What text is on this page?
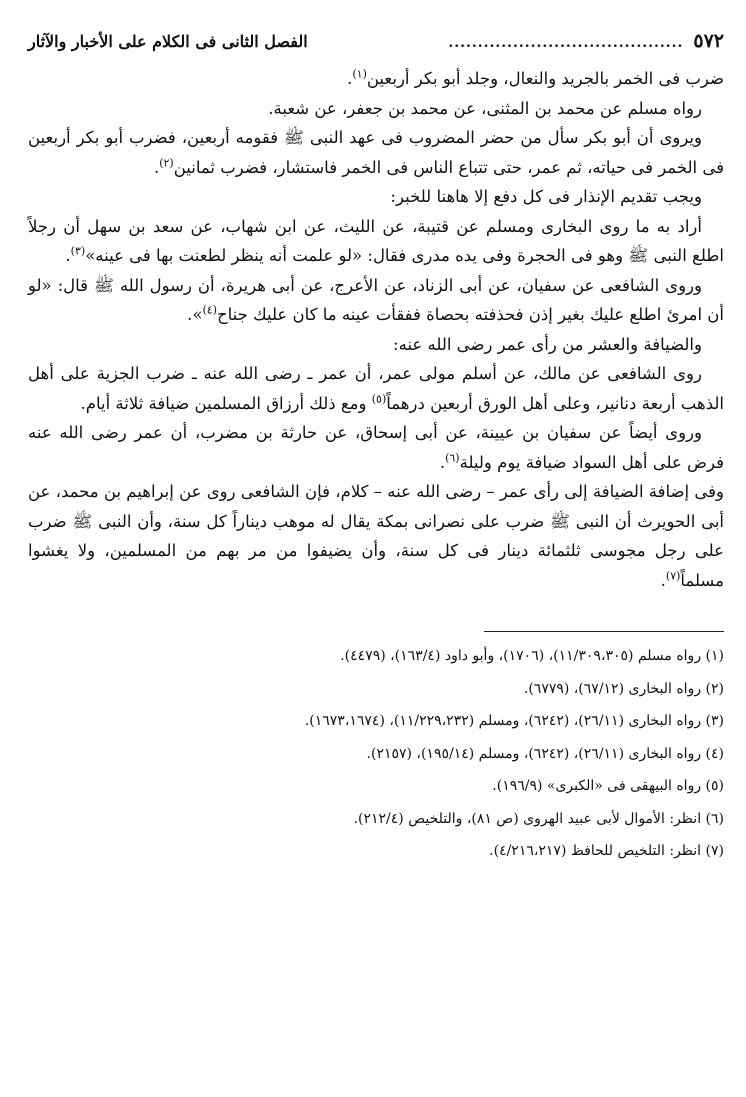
٥٧٢
........................................
الفصل الثانى فى الكلام على الأخبار والآثار

ضرب فى الخمر بالجريد والنعال، وجلد أبو بكر أربعين$^{(١)}$.

رواه مسلم عن محمد بن المثنى، عن محمد بن جعفر، عن شعبة.

ويروى أن أبو بكر سأل من حضر المضروب فى عهد النبى ﷺ فقومه أربعين، فضرب أبو بكر أربعين فى الخمر فى حياته، ثم عمر، حتى تتباع الناس فى الخمر فاستشار، فضرب ثمانين$^{(٢)}$.

ويجب تقديم الإنذار فى كل دفع إلا هاهنا للخبر:

أراد به ما روى البخارى ومسلم عن قتيبة، عن الليث، عن ابن شهاب، عن سعد بن سهل أن رجلاً اطلع النبى ﷺ وهو فى الحجرة وفى يده مدرى فقال: «لو علمت أنه ينظر لطعنت بها فى عينه»$^{(٣)}$.

وروى الشافعى عن سفيان، عن أبى الزناد، عن الأعرج، عن أبى هريرة، أن رسول الله ﷺ قال: «لو أن امرئ اطلع عليك بغير إذن فحذفته بحصاة ففقأت عينه ما كان عليك جناح$^{(٤)}$».

والضيافة والعشر من رأى عمر رضى الله عنه:

روى الشافعى عن مالك، عن أسلم مولى عمر، أن عمر ـ رضى الله عنه ـ ضرب الجزية على أهل الذهب أربعة دنانير، وعلى أهل الورق أربعين درهماً$^{(٥)}$ ومع ذلك أرزاق المسلمين ضيافة ثلاثة أيام.

وروى أيضاً عن سفيان بن عيينة، عن أبى إسحاق، عن حارثة بن مضرب، أن عمر رضى الله عنه فرض على أهل السواد ضيافة يوم وليلة$^{(٦)}$.

وفى إضافة الضيافة إلى رأى عمر – رضى الله عنه – كلام، فإن الشافعى روى عن إبراهيم بن محمد، عن أبى الحويرث أن النبى ﷺ ضرب على نصرانى بمكة يقال له موهب ديناراً كل سنة، وأن النبى ﷺ ضرب على رجل مجوسى ثلثمائة دينار فى كل سنة، وأن يضيفوا من مر بهم من المسلمين، ولا يغشوا مسلماً$^{(٧)}$.

(١) رواه مسلم (١١/٣٠٩،٣٠٥)، (١٧٠٦)، وأبو داود (١٦٣/٤)، (٤٤٧٩).

(٢) رواه البخارى (٦٧/١٢)، (٦٧٧٩).

(٣) رواه البخارى (٢٦/١١)، (٦٢٤٢)، ومسلم (١١/٢٢٩،٢٣٢)، (١٦٧٣،١٦٧٤).

(٤) رواه البخارى (٢٦/١١)، (٦٢٤٢)، ومسلم (١٩٥/١٤)، (٢١٥٧).

(٥) رواه البيهقى فى «الكبرى» (١٩٦/٩).

(٦) انظر: الأموال لأبى عبيد الهروى (ص ٨١)، والتلخيص (٢١٢/٤).

(٧) انظر: التلخيص للحافظ (٤/٢١٦،٢١٧).
